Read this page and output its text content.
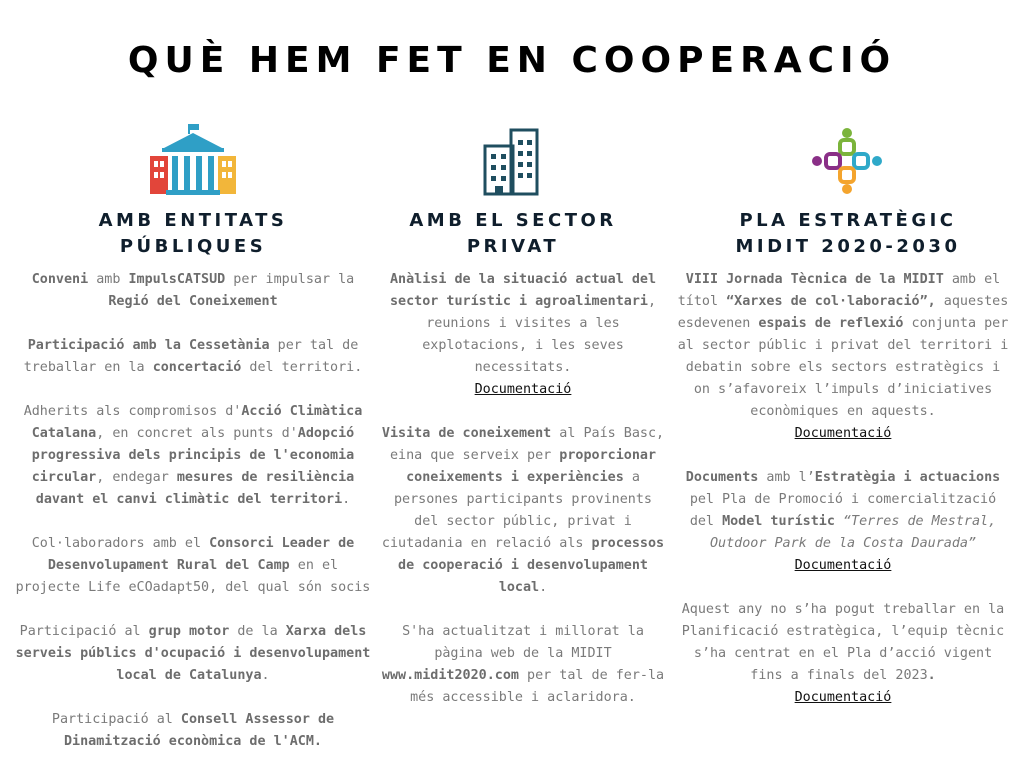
QUÈ HEM FET EN COOPERACIÓ
AMB ENTITATS
PÚBLIQUES
AMB EL SECTOR
PRIVAT
PLA ESTRATÈGIC
MIDIT 2020-2030

Conveni amb ImpulsCATSUD per impulsar la Regió del Coneixement

Participació amb la Cessetània per tal de treballar en la concertació del territori.

Adherits als compromisos d'Acció Climàtica Catalana, en concret als punts d'Adopció progressiva dels principis de l'economia circular, endegar mesures de resiliència davant el canvi climàtic del territori.

Col·laboradors amb el Consorci Leader de Desenvolupament Rural del Camp en el projecte Life eCOadapt50, del qual són socis

Participació al grup motor de la Xarxa dels serveis públics d'ocupació i desenvolupament local de Catalunya.

Participació al Consell Assessor de Dinamització econòmica de l'ACM.

Anàlisi de la situació actual del sector turístic i agroalimentari, reunions i visites a les explotacions, i les seves necessitats.
Documentació

Visita de coneixement al País Basc, eina que serveix per proporcionar coneixements i experiències a persones participants provinents del sector públic, privat i ciutadania en relació als processos de cooperació i desenvolupament local.

S'ha actualitzat i millorat la pàgina web de la MIDIT www.midit2020.com per tal de fer-la més accessible i aclaridora.

VIII Jornada Tècnica de la MIDIT amb el títol “Xarxes de col·laboració”, aquestes esdevenen espais de reflexió conjunta per al sector públic i privat del territori i debatin sobre els sectors estratègics i on s’afavoreix l’impuls d’iniciatives econòmiques en aquests.
Documentació

Documents amb l’Estratègia i actuacions pel Pla de Promoció i comercialització del Model turístic “Terres de Mestral, Outdoor Park de la Costa Daurada”
Documentació

Aquest any no s’ha pogut treballar en la Planificació estratègica, l’equip tècnic s’ha centrat en el Pla d’acció vigent fins a finals del 2023.
Documentació
